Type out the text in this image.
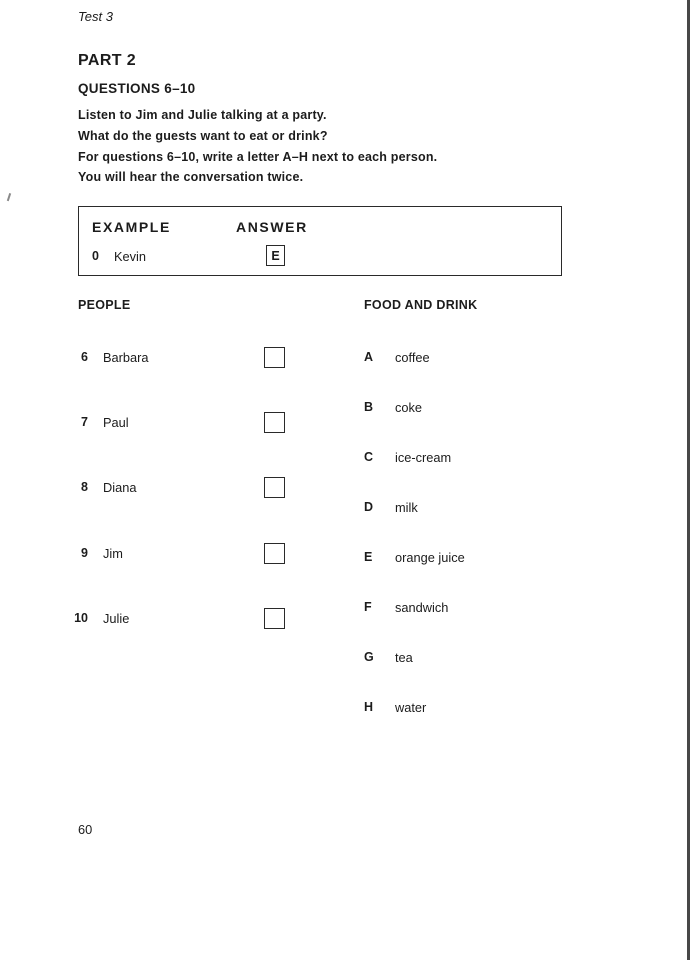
Test 3
PART 2
QUESTIONS 6–10

Listen to Jim and Julie talking at a party.

What do the guests want to eat or drink?

For questions 6–10, write a letter A–H next to each person.

You will hear the conversation twice.

EXAMPLE	ANSWER
0 Kevin	E
PEOPLE	FOOD AND DRINK
6 $^{Barbara}$
7 $^{Paul}$
8 $^{Diana}$
9 $^{Jim}$
10 $^{Julie}$
A $^{coffee}$
B $^{coke}$
C $^{ice-cream}$
D $^{milk}$
E $^{orange juice}$
F $^{sandwich}$
G $^{tea}$
H $^{water}$
60
